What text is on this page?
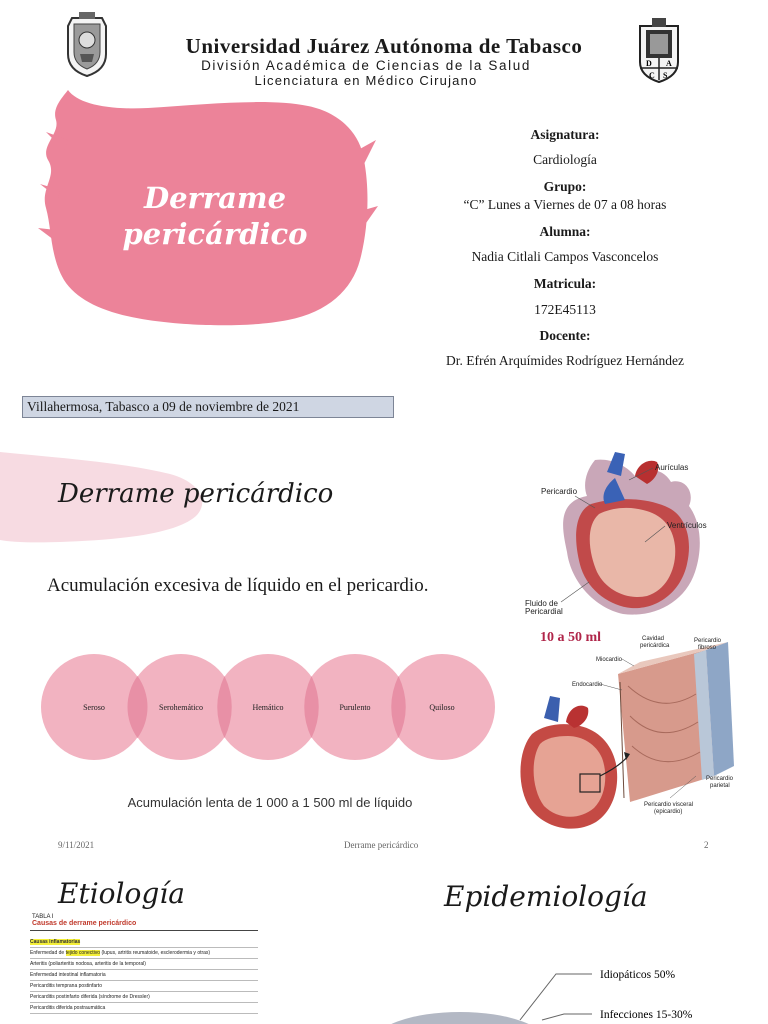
Universidad Juárez Autónoma de Tabasco
División Académica de Ciencias de la Salud
Licenciatura en Médico Cirujano
D A
C S
Derrame
pericárdico
Asignatura:
Cardiología
Grupo:
“C” Lunes a Viernes de 07 a 08 horas
Alumna:
Nadia Citlali Campos Vasconcelos
Matricula:
172E45113
Docente:
Dr. Efrén Arquímides Rodríguez Hernández
Villahermosa, Tabasco a 09 de noviembre de 2021
Derrame pericárdico
Acumulación excesiva de líquido en el pericardio.
Seroso	Serohemático	Hemático	Purulento	Quiloso
Acumulación lenta de 1 000 a 1 500 ml de líquido
Aurículas
Pericardio
Ventrículos
Fluido de
Pericardial
10 a 50 ml	Cavidad
pericárdica
Pericardio
fibroso
Miocardio
Endocardio
Pericardio
parietal
Pericardio visceral
(epicardio)
9/11/2021	Derrame pericárdico	2
Etiología	Epidemiología
TABLA I
Causas de derrame pericárdico
Causas inflamatorias
Enfermedad de tejido conectivo (lupus, artritis reumatoide, esclerodermia y otras)
Arteritis (poliarteritis nodosa, arteritis de la temporal)
Enfermedad intestinal inflamatoria
Pericarditis temprana postinfarto
Pericarditis postinfarto diferida (síndrome de Dressler)
Pericarditis diferida postraumática
Idiopáticos 50%
Infecciones 15-30%
